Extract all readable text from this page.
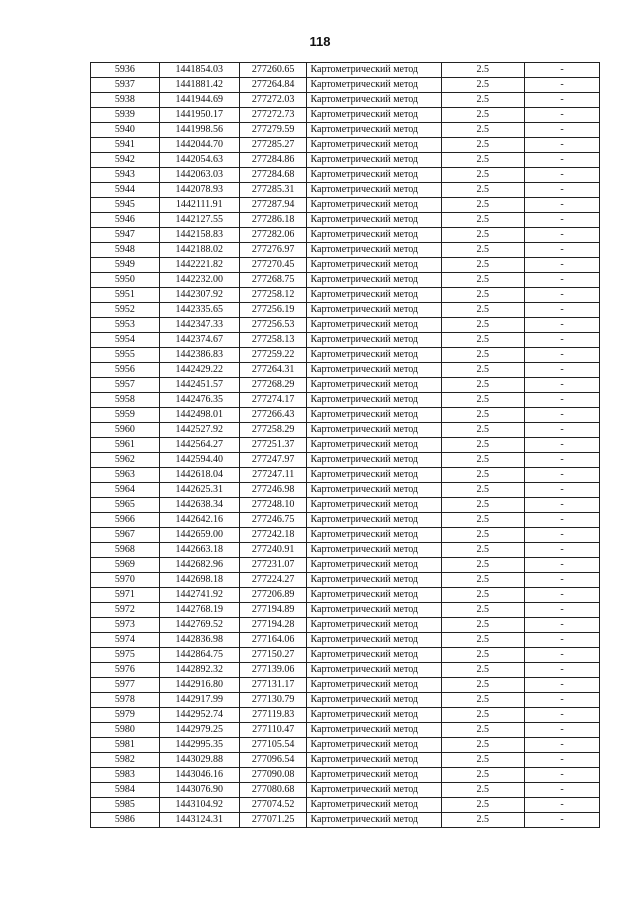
118
5936	1441854.03	277260.65	Картометрический метод	2.5	-
5937	1441881.42	277264.84	Картометрический метод	2.5	-
5938	1441944.69	277272.03	Картометрический метод	2.5	-
5939	1441950.17	277272.73	Картометрический метод	2.5	-
5940	1441998.56	277279.59	Картометрический метод	2.5	-
5941	1442044.70	277285.27	Картометрический метод	2.5	-
5942	1442054.63	277284.86	Картометрический метод	2.5	-
5943	1442063.03	277284.68	Картометрический метод	2.5	-
5944	1442078.93	277285.31	Картометрический метод	2.5	-
5945	1442111.91	277287.94	Картометрический метод	2.5	-
5946	1442127.55	277286.18	Картометрический метод	2.5	-
5947	1442158.83	277282.06	Картометрический метод	2.5	-
5948	1442188.02	277276.97	Картометрический метод	2.5	-
5949	1442221.82	277270.45	Картометрический метод	2.5	-
5950	1442232.00	277268.75	Картометрический метод	2.5	-
5951	1442307.92	277258.12	Картометрический метод	2.5	-
5952	1442335.65	277256.19	Картометрический метод	2.5	-
5953	1442347.33	277256.53	Картометрический метод	2.5	-
5954	1442374.67	277258.13	Картометрический метод	2.5	-
5955	1442386.83	277259.22	Картометрический метод	2.5	-
5956	1442429.22	277264.31	Картометрический метод	2.5	-
5957	1442451.57	277268.29	Картометрический метод	2.5	-
5958	1442476.35	277274.17	Картометрический метод	2.5	-
5959	1442498.01	277266.43	Картометрический метод	2.5	-
5960	1442527.92	277258.29	Картометрический метод	2.5	-
5961	1442564.27	277251.37	Картометрический метод	2.5	-
5962	1442594.40	277247.97	Картометрический метод	2.5	-
5963	1442618.04	277247.11	Картометрический метод	2.5	-
5964	1442625.31	277246.98	Картометрический метод	2.5	-
5965	1442638.34	277248.10	Картометрический метод	2.5	-
5966	1442642.16	277246.75	Картометрический метод	2.5	-
5967	1442659.00	277242.18	Картометрический метод	2.5	-
5968	1442663.18	277240.91	Картометрический метод	2.5	-
5969	1442682.96	277231.07	Картометрический метод	2.5	-
5970	1442698.18	277224.27	Картометрический метод	2.5	-
5971	1442741.92	277206.89	Картометрический метод	2.5	-
5972	1442768.19	277194.89	Картометрический метод	2.5	-
5973	1442769.52	277194.28	Картометрический метод	2.5	-
5974	1442836.98	277164.06	Картометрический метод	2.5	-
5975	1442864.75	277150.27	Картометрический метод	2.5	-
5976	1442892.32	277139.06	Картометрический метод	2.5	-
5977	1442916.80	277131.17	Картометрический метод	2.5	-
5978	1442917.99	277130.79	Картометрический метод	2.5	-
5979	1442952.74	277119.83	Картометрический метод	2.5	-
5980	1442979.25	277110.47	Картометрический метод	2.5	-
5981	1442995.35	277105.54	Картометрический метод	2.5	-
5982	1443029.88	277096.54	Картометрический метод	2.5	-
5983	1443046.16	277090.08	Картометрический метод	2.5	-
5984	1443076.90	277080.68	Картометрический метод	2.5	-
5985	1443104.92	277074.52	Картометрический метод	2.5	-
5986	1443124.31	277071.25	Картометрический метод	2.5	-
